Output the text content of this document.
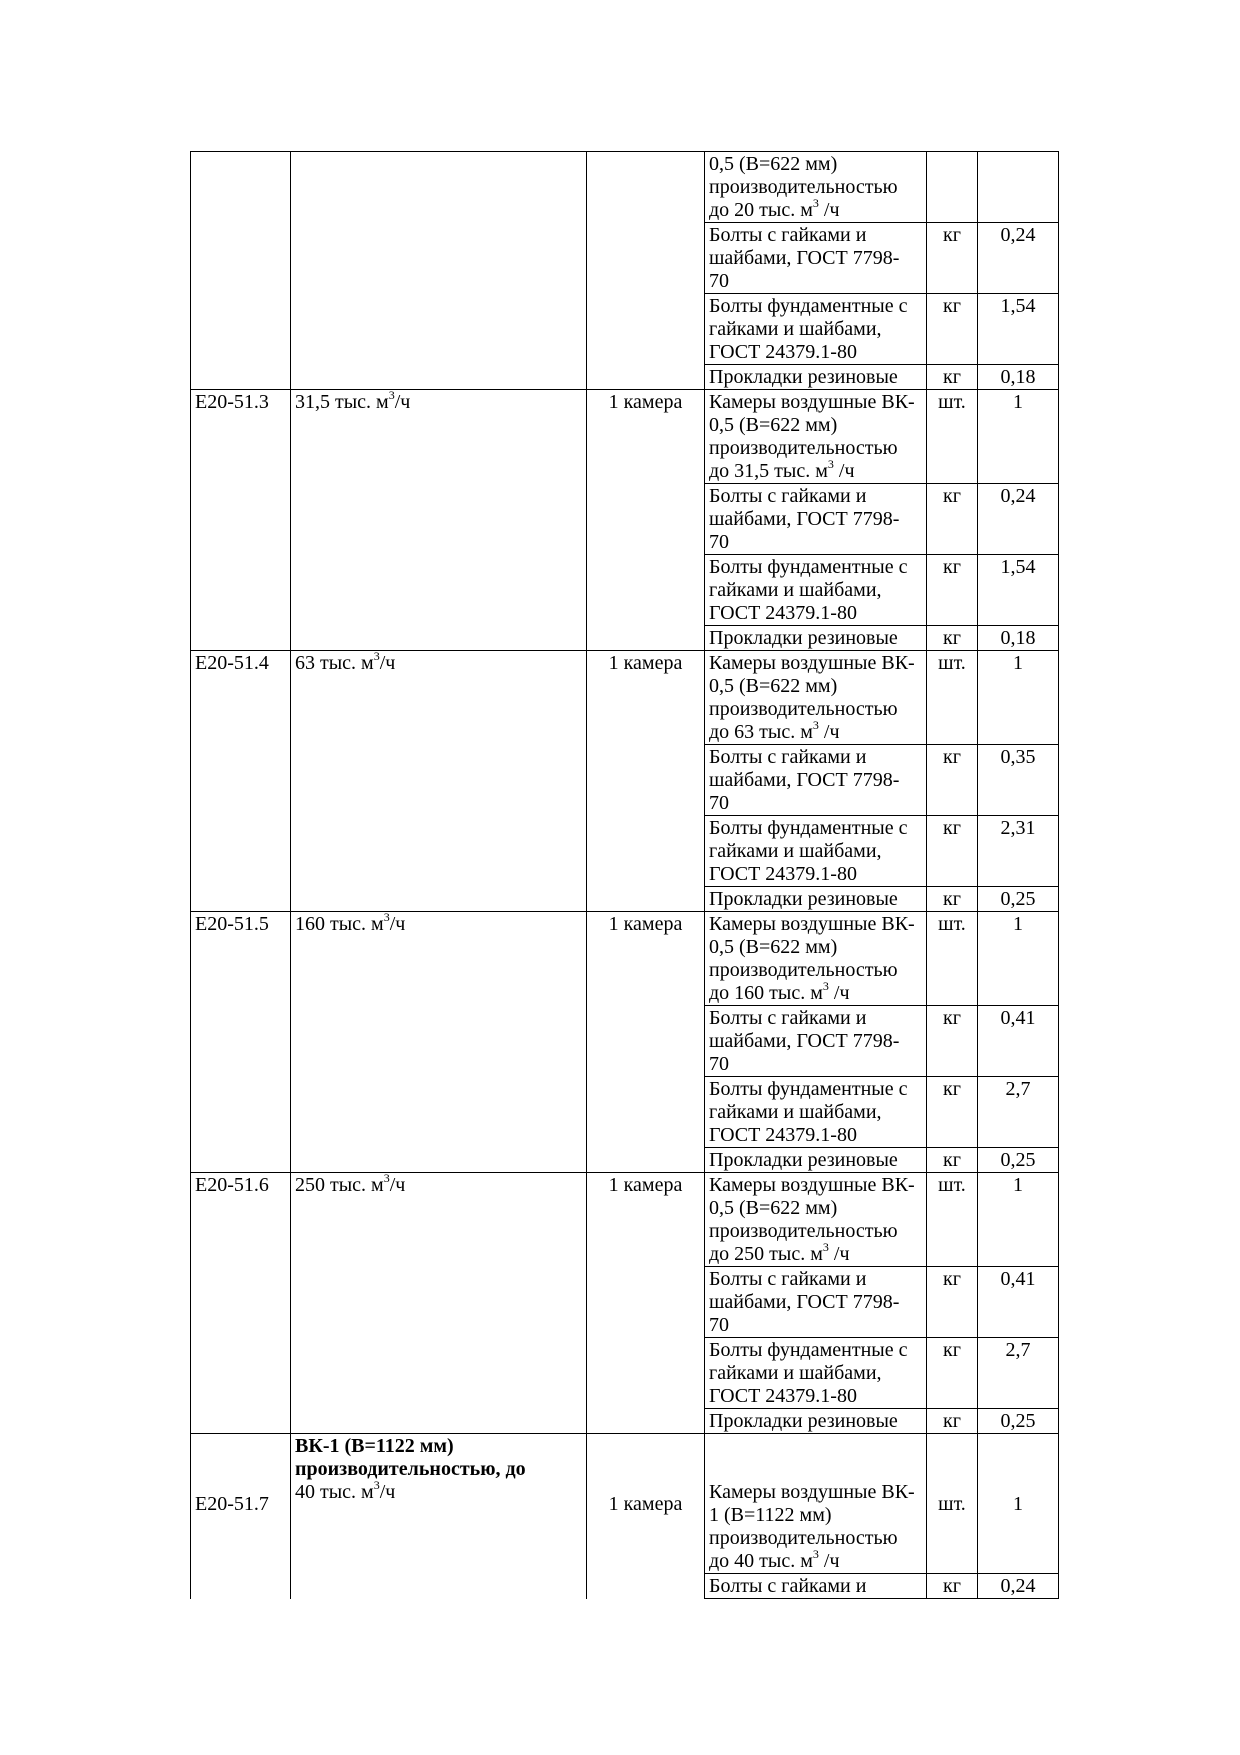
			0,5 (В=622 мм)
производительностью
до 20 тыс. $м^3$ /ч		
			Болты с гайками и
шайбами, ГОСТ 7798-
70	кг	0,24
			Болты фундаментные с
гайками и шайбами,
ГОСТ 24379.1-80	кг	1,54
			Прокладки резиновые	кг	0,18
Е20-51.3	31,5 тыс. $м^3/ч$	1 камера	Камеры воздушные ВК-
0,5 (В=622 мм)
производительностью
до 31,5 тыс. $м^3$ /ч	шт.	1
			Болты с гайками и
шайбами, ГОСТ 7798-
70	кг	0,24
			Болты фундаментные с
гайками и шайбами,
ГОСТ 24379.1-80	кг	1,54
			Прокладки резиновые	кг	0,18
Е20-51.4	63 тыс. $м^3/ч$	1 камера	Камеры воздушные ВК-
0,5 (В=622 мм)
производительностью
до 63 тыс. $м^3$ /ч	шт.	1
			Болты с гайками и
шайбами, ГОСТ 7798-
70	кг	0,35
			Болты фундаментные с
гайками и шайбами,
ГОСТ 24379.1-80	кг	2,31
			Прокладки резиновые	кг	0,25
Е20-51.5	160 тыс. $м^3/ч$	1 камера	Камеры воздушные ВК-
0,5 (В=622 мм)
производительностью
до 160 тыс. $м^3$ /ч	шт.	1
			Болты с гайками и
шайбами, ГОСТ 7798-
70	кг	0,41
			Болты фундаментные с
гайками и шайбами,
ГОСТ 24379.1-80	кг	2,7
			Прокладки резиновые	кг	0,25
Е20-51.6	250 тыс. $м^3/ч$	1 камера	Камеры воздушные ВК-
0,5 (В=622 мм)
производительностью
до 250 тыс. $м^3$ /ч	шт.	1
			Болты с гайками и
шайбами, ГОСТ 7798-
70	кг	0,41
			Болты фундаментные с
гайками и шайбами,
ГОСТ 24379.1-80	кг	2,7
			Прокладки резиновые	кг	0,25
Е20-51.7	ВК-1 (В=1122 мм)
производительностью, до
40 тыс. $м^3/ч$	1 камера	Камеры воздушные ВК-
1 (В=1122 мм)
производительностью
до 40 тыс. $м^3$ /ч	шт.	1
			Болты с гайками и	кг	0,24
